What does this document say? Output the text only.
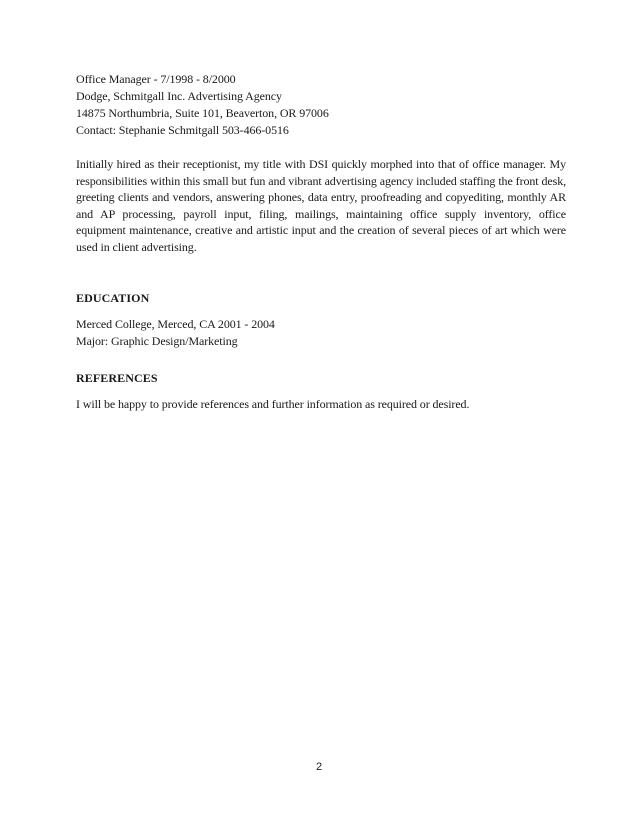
Office Manager - 7/1998 - 8/2000
Dodge, Schmitgall Inc. Advertising Agency
14875 Northumbria, Suite 101, Beaverton, OR 97006
Contact: Stephanie Schmitgall 503-466-0516
Initially hired as their receptionist, my title with DSI quickly morphed into that of office manager. My responsibilities within this small but fun and vibrant advertising agency included staffing the front desk, greeting clients and vendors, answering phones, data entry, proofreading and copyediting, monthly AR and AP processing, payroll input, filing, mailings, maintaining office supply inventory, office equipment maintenance, creative and artistic input and the creation of several pieces of art which were used in client advertising.
EDUCATION
Merced College, Merced, CA 2001 - 2004
Major: Graphic Design/Marketing
REFERENCES
I will be happy to provide references and further information as required or desired.
2
